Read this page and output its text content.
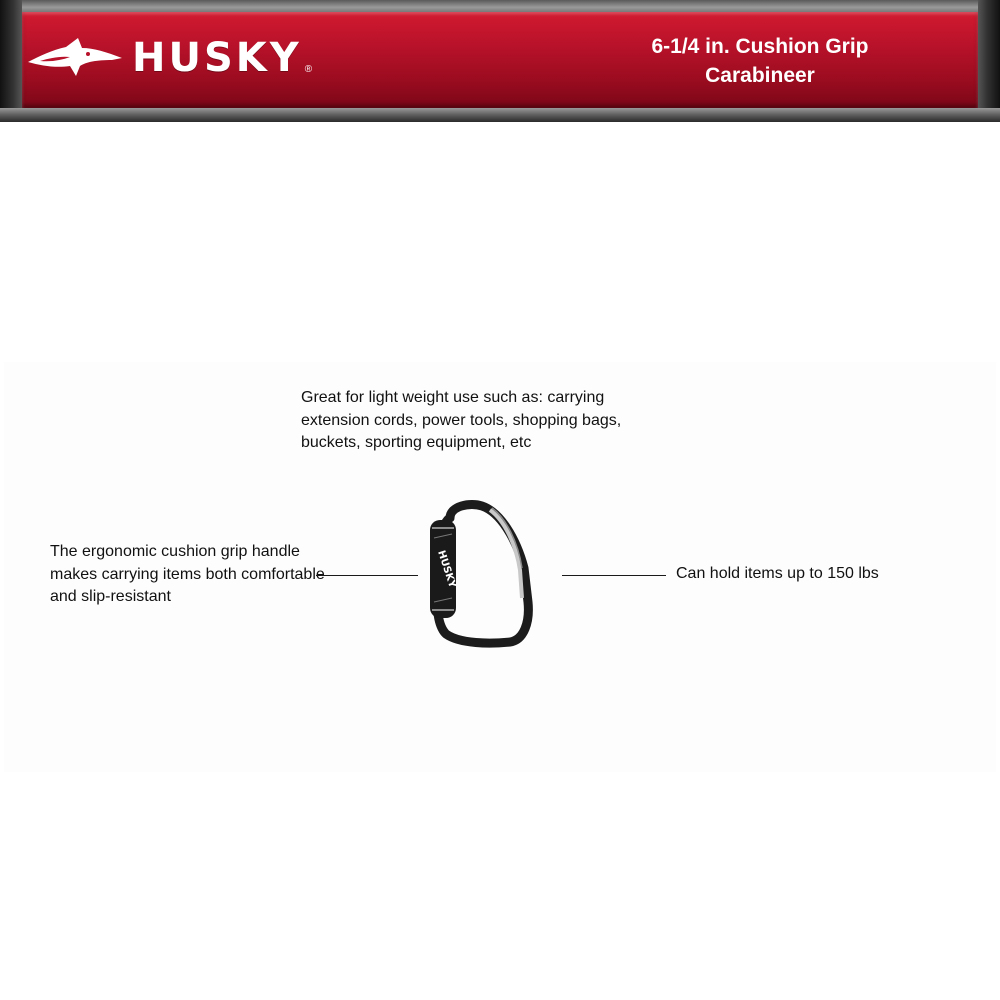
HUSKY ®
6-1/4 in. Cushion Grip
Carabineer
Great for light weight use such as: carrying extension cords, power tools, shopping bags, buckets, sporting equipment, etc
The ergonomic cushion grip handle makes carrying items both comfortable and slip-resistant
Can hold items up to 150 lbs
HUSKY
